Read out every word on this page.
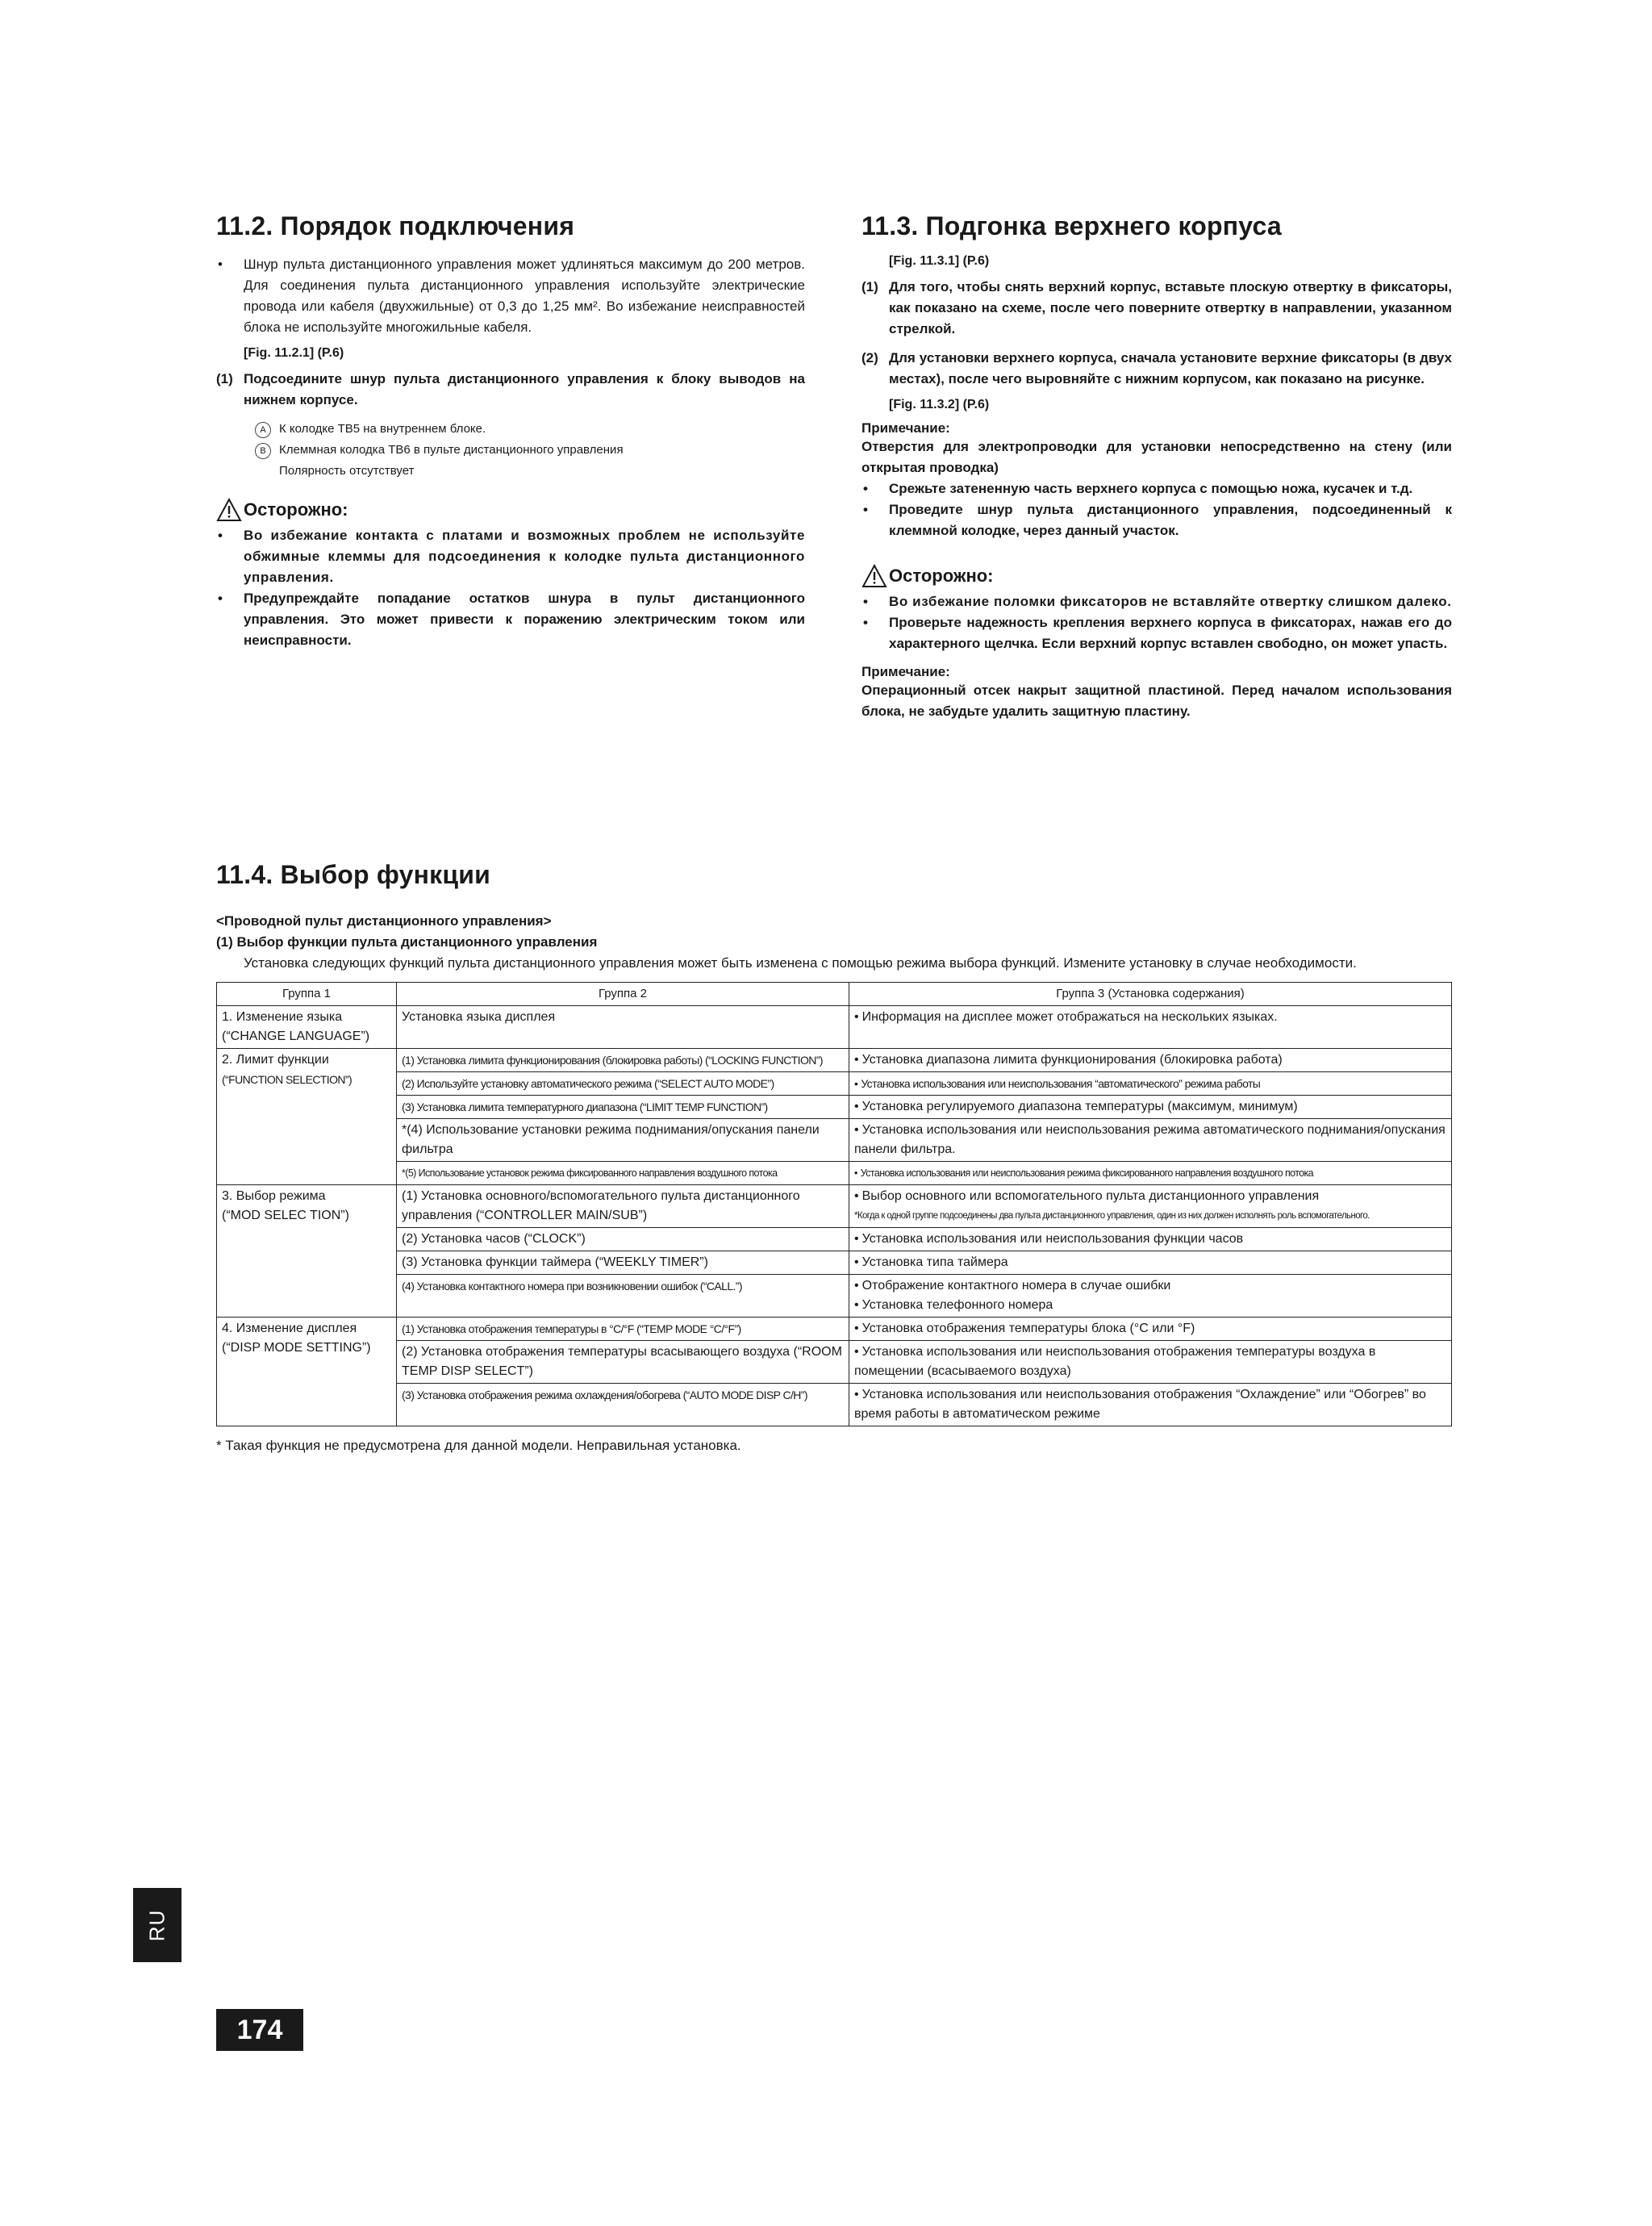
11.2. Порядок подключения
• Шнур пульта дистанционного управления может удлиняться максимум до 200 метров. Для соединения пульта дистанционного управления используйте электрические провода или кабеля (двухжильные) от 0,3 до 1,25 мм². Во избежание неисправностей блока не используйте многожильные кабеля.
[Fig. 11.2.1] (P.6)
(1) Подсоедините шнур пульта дистанционного управления к блоку выводов на нижнем корпусе.
A	К колодке TB5 на внутреннем блоке.
B	Клеммная колодка TB6 в пульте дистанционного управления
Полярность отсутствует
Осторожно:
• Во избежание контакта с платами и возможных проблем не используйте обжимные клеммы для подсоединения к колодке пульта дистанционного управления.
• Предупреждайте попадание остатков шнура в пульт дистанционного управления. Это может привести к поражению электрическим током или неисправности.
11.3. Подгонка верхнего корпуса
[Fig. 11.3.1] (P.6)
(1) Для того, чтобы снять верхний корпус, вставьте плоскую отвертку в фиксаторы, как показано на схеме, после чего поверните отвертку в направлении, указанном стрелкой.
(2) Для установки верхнего корпуса, сначала установите верхние фиксаторы (в двух местах), после чего выровняйте с нижним корпусом, как показано на рисунке.
[Fig. 11.3.2] (P.6)
Примечание:

Отверстия для электропроводки для установки непосредственно на стену (или открытая проводка)

• Срежьте затененную часть верхнего корпуса с помощью ножа, кусачек и т.д.
• Проведите шнур пульта дистанционного управления, подсоединенный к клеммной колодке, через данный участок.
Осторожно:
• Во избежание поломки фиксаторов не вставляйте отвертку слишком далеко.
• Проверьте надежность крепления верхнего корпуса в фиксаторах, нажав его до характерного щелчка. Если верхний корпус вставлен свободно, он может упасть.
Примечание:

Операционный отсек накрыт защитной пластиной. Перед началом использования блока, не забудьте удалить защитную пластину.

11.4. Выбор функции
<Проводной пульт дистанционного управления>
(1) Выбор функции пульта дистанционного управления

Установка следующих функций пульта дистанционного управления может быть изменена с помощью режима выбора функций. Измените установку в случае необходимости.

Группа 1	Группа 2	Группа 3 (Установка содержания)

1. Изменение языка
(“CHANGE LANGUAGE”)	Установка языка дисплея	• Информация на дисплее может отображаться на нескольких языках.

2. Лимит функции
(“FUNCTION SELECTION”)	(1) Установка лимита функционирования (блокировка работы) (“LOCKING FUNCTION”)	• Установка диапазона лимита функционирования (блокировка работа)
	(2) Используйте установку автоматического режима (“SELECT AUTO MODE”)	• Установка использования или неиспользования “автоматического” режима работы
	(3) Установка лимита температурного диапазона (“LIMIT TEMP FUNCTION”)	• Установка регулируемого диапазона температуры (максимум, минимум)
	*(4) Использование установки режима поднимания/опускания панели фильтра	• Установка использования или неиспользования режима автоматического поднимания/опускания панели фильтра.
	*(5) Использование установок режима фиксированного направления воздушного потока	• Установка использования или неиспользования режима фиксированного направления воздушного потока

3. Выбор режима
(“MOD SELEC TION”)	(1) Установка основного/вспомогательного пульта дистанционного управления (“CONTROLLER MAIN/SUB”)	• Выбор основного или вспомогательного пульта дистанционного управления
*Когда к одной группе подсоединены два пульта дистанционного управления, один из них должен исполнять роль вспомогательного.

	(2) Установка часов (“CLOCK”)	• Установка использования или неиспользования функции часов
	(3) Установка функции таймера (“WEEKLY TIMER”)	• Установка типа таймера
	(4) Установка контактного номера при возникновении ошибок (“CALL.”)	• Отображение контактного номера в случае ошибки
• Установка телефонного номера

4. Изменение дисплея
(“DISP MODE SETTING”)	(1) Установка отображения температуры в °C/°F (“TEMP MODE °C/°F”)	• Установка отображения температуры блока (°C или °F)
	(2) Установка отображения температуры всасывающего воздуха (“ROOM TEMP DISP SELECT”)	• Установка использования или неиспользования отображения температуры воздуха в помещении (всасываемого воздуха)
	(3) Установка отображения режима охлаждения/обогрева (“AUTO MODE DISP C/H”)	• Установка использования или неиспользования отображения “Охлаждение” или “Обогрев” во время работы в автоматическом режиме
* Такая функция не предусмотрена для данной модели. Неправильная установка.
RU
174
